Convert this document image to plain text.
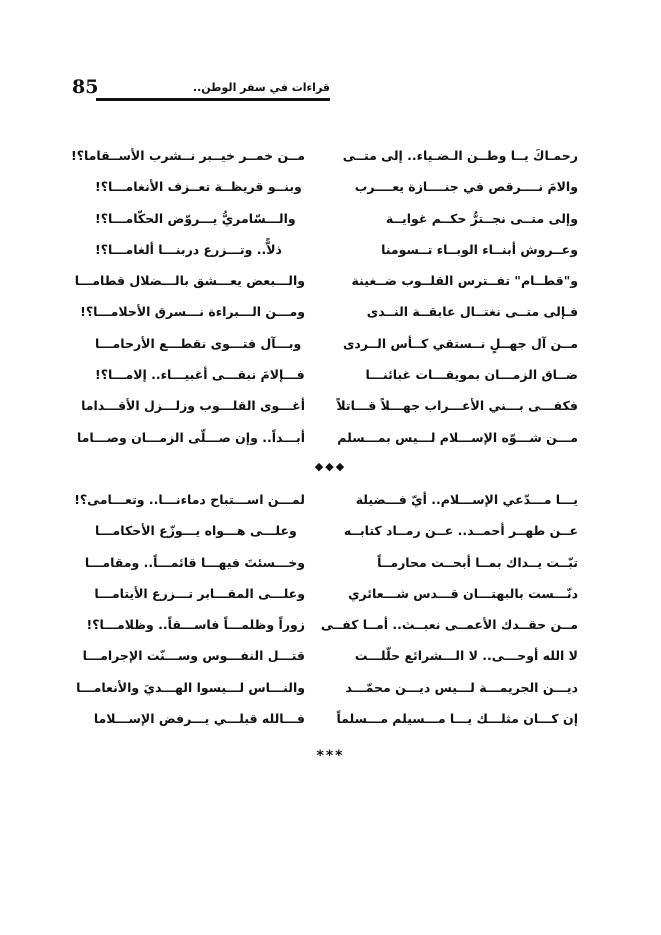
85	قراءات في سفر الوطن..
رحمـاكَ يــا وطــن الـضـياء.. إلى متــى
مــن خمــر خيــبر نــشرب الأســقاما؟!
والامَ نــــرقص في جنــــازة يعــــرب
وبنــو قريظــة تعــزف الأنغامـــا؟!
وإلى متــى نجــترُّ حكــم غوايــة
والـــسّامريُّ يـــروّض الحكّامـــا؟!
وعــروش أبنــاء الوبــاء تــسومنا
ذلاًّ.. وتـــزرع دربنـــا ألغامـــا؟!
و"قطــام" تفــترس القلــوب ضــغينة
والـــبعض يعـــشق بالـــضلال قطامـــا
فـإلى متــى نغتــال عابقــة النــدى
ومـــن الـــبراءة نـــسرق الأحلامـــا؟!
مــن آل جهــلٍ نــستقي كــأس الــردى
وبـــآل فتـــوى نقطـــع الأرحامـــا
ضــاق الزمـــان بمويقـــات غبائنـــا
فـــإلامَ نبقـــى أغبيـــاء.. إلامـــا؟!
فكفـــى بـــني الأعـــراب جهـــلاً قـــاتلاً
أغـــوى القلـــوب وزلـــزل الأقـــداما
مـــن شـــوّه الإســـلام لـــيس بمـــسلم
أبـــداً.. وإن صـــلّى الزمـــان وصـــاما
◆◆◆
يـــا مـــدّعي الإســـلام.. أيّ فـــضيلة
لمـــن اســـتباح دماءنـــا.. وتعـــامى؟!
عــن طهــر أحمــد.. عــن رمــاد كتابــه
وعلـــى هـــواه يـــوزّع الأحكامـــا
تبّــت يــداك بمــا أبحــت محارمــاً
وخـــسئتَ فيهـــا قائمـــاً.. ومقامـــا
دنّـــست بالبهتـــان قـــدس شـــعائري
وعلـــى المقـــابر تـــزرع الأيتامـــا
مــن حقــدك الأعمــى نعبــث.. أمــا كفــى
زوراً وظلمـــاً فاســـقاً.. وظلامـــا؟!
لا الله أوحـــى.. لا الـــشرائع حلّلـــت
قتـــل النفـــوس وســـنّت الإجرامـــا
ديـــن الجريمـــة لـــيس ديـــن محمّـــد
والنـــاس لـــيسوا الهـــديَ والأنعامـــا
إن كـــان مثلـــك يـــا مـــسيلم مـــسلماً
فـــالله قبلـــي يـــرفض الإســـلاما
***
